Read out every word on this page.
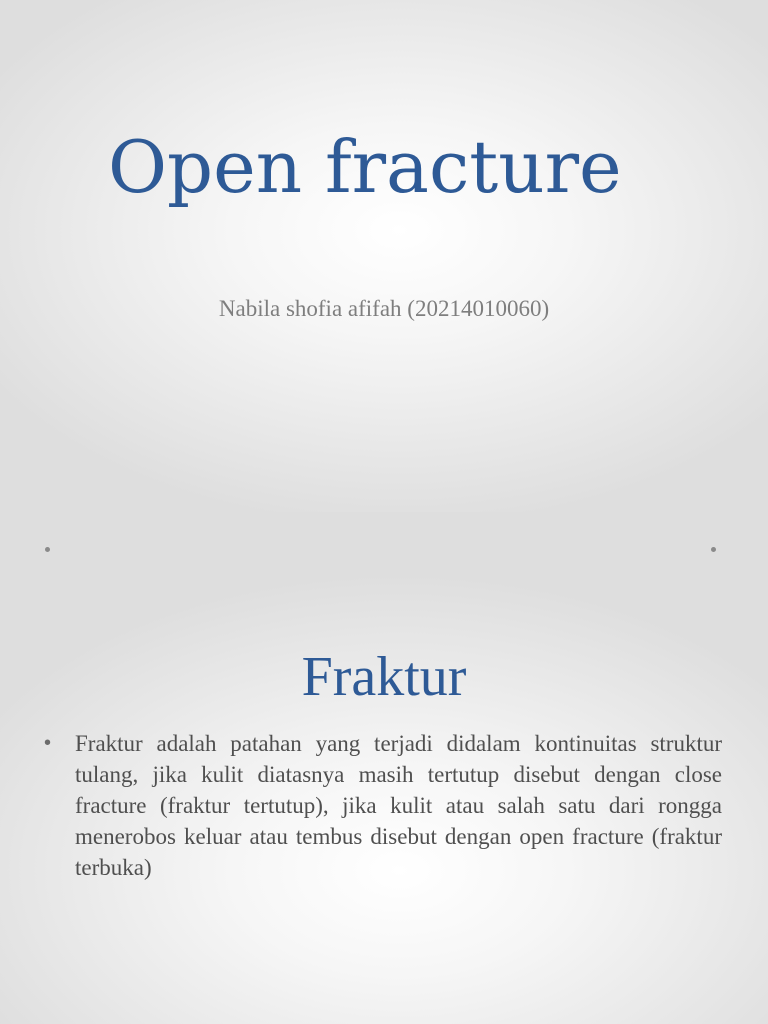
Open fracture

Nabila shofia afifah (20214010060)

Fraktur
• Fraktur adalah patahan yang terjadi didalam kontinuitas struktur tulang, jika kulit diatasnya masih tertutup disebut dengan close fracture (fraktur tertutup), jika kulit atau salah satu dari rongga menerobos keluar atau tembus disebut dengan open fracture (fraktur terbuka)
